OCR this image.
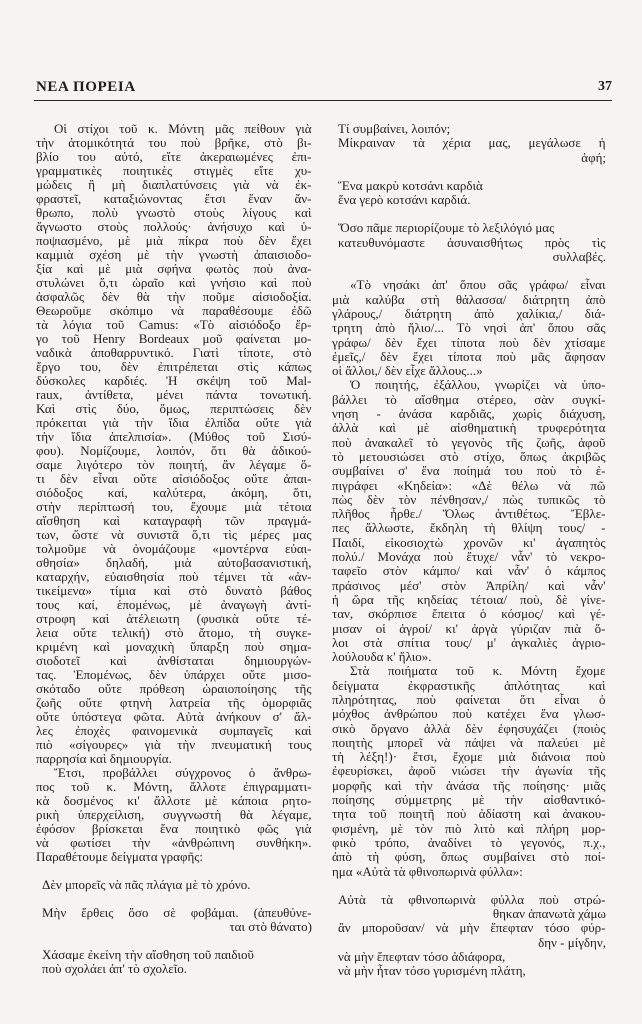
ΝΕΑ ΠΟΡΕΙΑ	37
Οἱ στίχοι τοῦ κ. Μόντη μᾶς πείθουν γιὰ
τὴν ἀτομικότητά του ποὺ βρῆκε, στὸ βι-
βλίο του αὐτό, εἴτε ἀκεραιωμένες ἐπι-
γραμματικὲς ποιητικὲς στιγμὲς εἴτε χυ-
μώδεις ἢ μὴ διαπλατύνσεις γιὰ νὰ ἐκ-
φραστεῖ, καταξιώνοντας ἔτσι ἕναν ἄν-
θρωπο, πολὺ γνωστὸ στοὺς λίγους καὶ
ἄγνωστο στοὺς πολλούς· ἀνήσυχο καὶ ὑ-
ποψιασμένο, μὲ μιὰ πίκρα ποὺ δὲν ἔχει
καμμιὰ σχέση μὲ τὴν γνωστὴ ἀπαισιοδο-
ξία καὶ μὲ μιὰ σφήνα φωτὸς ποὺ ἀνα-
στυλώνει ὅ,τι ὡραῖο καὶ γνήσιο καὶ ποὺ
ἀσφαλῶς δὲν θὰ τὴν ποῦμε αἰσιοδοξία.
Θεωροῦμε σκόπιμο νὰ παραθέσουμε ἐδῶ
τὰ λόγια τοῦ Camus: «Τὸ αἰσιόδοξο ἔρ-
γο τοῦ Henry Bordeaux μοῦ φαίνεται μο-
ναδικὰ ἀποθαρρυντικό. Γιατὶ τίποτε, στὸ
ἔργο του, δὲν ἐπιτρέπεται στὶς κάπως
δύσκολες καρδιές. Ἡ σκέψη τοῦ Mal-
raux, ἀντίθετα, μένει πάντα τονωτική.
Καὶ στὶς δύο, ὅμως, περιπτώσεις δὲν
πρόκειται γιὰ τὴν ἴδια ἐλπίδα οὔτε γιὰ
τὴν ἴδια ἀπελπισία». (Μύθος τοῦ Σισύ-
φου). Νομίζουμε, λοιπόν, ὅτι θὰ ἀδικού-
σαμε λιγότερο τὸν ποιητή, ἂν λέγαμε ὅ-
τι δὲν εἶναι οὔτε αἰσιόδοξος οὔτε ἀπαι-
σιόδοξος καί, καλύτερα, ἀκόμη, ὅτι,
στὴν περίπτωσή του, ἔχουμε μιὰ τέτοια
αἴσθηση καὶ καταγραφὴ τῶν πραγμά-
των, ὥστε νὰ συνιστᾶ ὅ,τι τὶς μέρες μας
τολμοῦμε νὰ ὀνομάζουμε «μοντέρνα εὐαι-
σθησία» δηλαδή, μιὰ αὐτοβασανιστική,
καταρχήν, εὐαισθησία ποὺ τέμνει τὰ «ἀν-
τικείμενα» τίμια καὶ στὸ δυνατὸ βάθος
τους καί, ἑπομένως, μὲ ἀναγωγὴ ἀντί-
στροφη καὶ ἀτέλειωτη (φυσικὰ οὔτε τέ-
λεια οὔτε τελική) στὸ ἄτομο, τὴ συγκε-
κριμένη καὶ μοναχικὴ ὕπαρξη ποὺ σημα-
σιοδοτεῖ καὶ ἀνθίσταται δημιουργών-
τας. Ἑπομένως, δὲν ὑπάρχει οὔτε μισο-
σκόταδο οὔτε πρόθεση ὡραιοποίησης τῆς
ζωῆς οὔτε φτηνὴ λατρεία τῆς ὁμορφιᾶς
οὔτε ὑπόστεγα φῶτα. Αὐτὰ ἀνήκουν σ' ἄλ-
λες ἐποχὲς φαινομενικὰ συμπαγεῖς καὶ
πιὸ «σίγουρες» γιὰ τὴν πνευματική τους
παρρησία καὶ δημιουργία.
Ἔτσι, προβάλλει σύγχρονος ὁ ἄνθρω-
πος τοῦ κ. Μόντη, ἄλλοτε ἐπιγραμματι-
κὰ δοσμένος κι' ἄλλοτε μὲ κάποια ρητο-
ρικὴ ὑπερχείλιση, συγγνωστὴ θὰ λέγαμε,
ἐφόσον βρίσκεται ἕνα ποιητικὸ φῶς γιὰ
νὰ φωτίσει τὴν «ἀνθρώπινη συνθήκη».
Παραθέτουμε δείγματα γραφῆς:
Δὲν μπορεῖς νὰ πᾶς πλάγια μὲ τὸ χρόνο.
Μὴν ἔρθεις ὅσο σὲ φοβάμαι. (ἀπευθύνε-
ται στὸ θάνατο)
Χάσαμε ἐκείνη τὴν αἴσθηση τοῦ παιδιοῦ
ποὺ σχολάει ἀπ' τὸ σχολεῖο.
Τί συμβαίνει, λοιπόν;
Μίκραιναν τὰ χέρια μας, μεγάλωσε ἡ
ἀφή;
Ἕνα μακρὺ κοτσάνι καρδιὰ
ἕνα γερὸ κοτσάνι καρδιά.
Ὅσο πᾶμε περιορίζουμε τὸ λεξιλόγιό μας
κατευθυνόμαστε ἀσυναισθήτως πρὸς τὶς
συλλαβές.
«Τὸ νησάκι ἀπ' ὅπου σᾶς γράφω/ εἶναι
μιὰ καλύβα στὴ θάλασσα/ διάτρητη ἀπὸ
γλάρους,/ διάτρητη ἀπὸ χαλίκια,/ διά-
τρητη ἀπὸ ἥλιο/... Τὸ νησὶ ἀπ' ὅπου σᾶς
γράφω/ δὲν ἔχει τίποτα ποὺ δὲν χτίσαμε
ἐμεῖς,/ δὲν ἔχει τίποτα ποὺ μᾶς ἄφησαν
οἱ ἄλλοι,/ δὲν εἶχε ἄλλους...»
Ὁ ποιητής, ἐξάλλου, γνωρίζει νὰ ὑπο-
βάλλει τὸ αἴσθημα στέρεο, σὰν συγκί-
νηση - ἀνάσα καρδιᾶς, χωρὶς διάχυση,
ἀλλὰ καὶ μὲ αἰσθηματικὴ τρυφερότητα
ποὺ ἀνακαλεῖ τὸ γεγονὸς τῆς ζωῆς, ἀφοῦ
τὸ μετουσιώσει στὸ στίχο, ὅπως ἀκριβῶς
συμβαίνει σ' ἕνα ποίημά του ποὺ τὸ ἐ-
πιγράφει «Κηδεία»: «Δὲ θέλω νὰ πῶ
πὼς δὲν τὸν πένθησαν,/ πὼς τυπικῶς τὸ
πλῆθος ἦρθε./ Ὅλως ἀντιθέτως. Ἔβλε-
πες ἄλλωστε, ἔκδηλη τὴ θλίψη τους/ -
Παιδί, εἰκοσιοχτὼ χρονῶν κι' ἀγαπητὸς
πολύ./ Μονάχα ποὺ ἔτυχε/ νἆν' τὸ νεκρο-
ταφεῖο στὸν κάμπο/ καὶ νἆν' ὁ κάμπος
πράσινος μέσ' στὸν Ἀπρίλη/ καὶ νἆν'
ἡ ὥρα τῆς κηδείας τέτοια/ ποὺ, δὲ γίνε-
ταν, σκόρπισε ἔπειτα ὁ κόσμος/ καὶ γέ-
μισαν οἱ ἀγροί/ κι' ἀργὰ γύριζαν πιὰ ὅ-
λοι στὰ σπίτια τους/ μ' ἀγκαλιὲς ἀγριο-
λούλουδα κ' ἥλιο».
Στὰ ποιήματα τοῦ κ. Μόντη ἔχομε
δείγματα ἐκφραστικῆς ἁπλότητας καὶ
πληρότητας, ποὺ φαίνεται ὅτι εἶναι ὁ
μόχθος ἀνθρώπου ποὺ κατέχει ἕνα γλωσ-
σικὸ ὄργανο ἀλλὰ δὲν ἐφησυχάζει (ποιὸς
ποιητὴς μπορεῖ νὰ πάψει νὰ παλεύει μὲ
τὴ λέξη!)· ἔτσι, ἔχομε μιὰ διάνοια ποὺ
ἐφευρίσκει, ἀφοῦ νιώσει τὴν ἀγωνία τῆς
μορφῆς καὶ τὴν ἀνάσα τῆς ποίησης· μιᾶς
ποίησης σύμμετρης μὲ τὴν αἰσθαντικό-
τητα τοῦ ποιητῆ ποὺ ἀδίαστη καὶ ἀνακου-
φισμένη, μὲ τὸν πιὸ λιτὸ καὶ πλήρη μορ-
φικὸ τρόπο, ἀναδίνει τὸ γεγονός, π.χ.,
ἀπὸ τὴ φύση, ὅπως συμβαίνει στὸ ποί-
ημα «Αὐτὰ τὰ φθινοπωρινὰ φύλλα»:
Αὐτὰ τὰ φθινοπωρινὰ φύλλα ποὺ στρώ-
θηκαν ἀπανωτὰ χάμω
ἂν μποροῦσαν/ νὰ μὴν ἔπεφταν τόσο φύρ-
δην - μίγδην,
νὰ μὴν ἔπεφταν τόσο ἀδιάφορα,
νὰ μὴν ἦταν τόσο γυρισμένη πλάτη,
